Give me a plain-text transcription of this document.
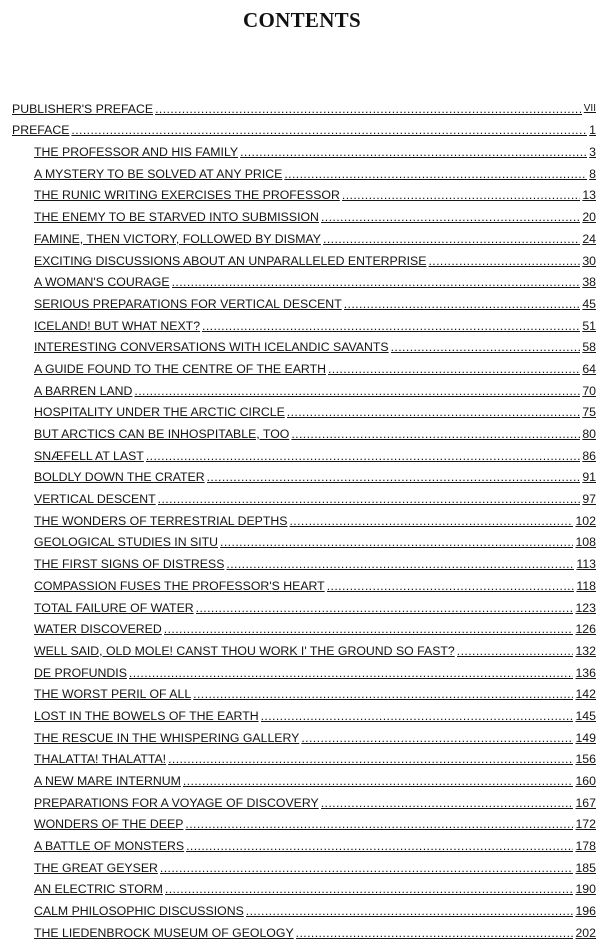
CONTENTS
PUBLISHER'S PREFACE .....	VII
PREFACE .....	1
THE PROFESSOR AND HIS FAMILY .....	3
A MYSTERY TO BE SOLVED AT ANY PRICE .....	8
THE RUNIC WRITING EXERCISES THE PROFESSOR .....	13
THE ENEMY TO BE STARVED INTO SUBMISSION .....	20
FAMINE, THEN VICTORY, FOLLOWED BY DISMAY .....	24
EXCITING DISCUSSIONS ABOUT AN UNPARALLELED ENTERPRISE .....	30
A WOMAN'S COURAGE .....	38
SERIOUS PREPARATIONS FOR VERTICAL DESCENT .....	45
ICELAND! BUT WHAT NEXT? .....	51
INTERESTING CONVERSATIONS WITH ICELANDIC SAVANTS .....	58
A GUIDE FOUND TO THE CENTRE OF THE EARTH .....	64
A BARREN LAND .....	70
HOSPITALITY UNDER THE ARCTIC CIRCLE .....	75
BUT ARCTICS CAN BE INHOSPITABLE, TOO .....	80
SNÆFELL AT LAST .....	86
BOLDLY DOWN THE CRATER .....	91
VERTICAL DESCENT .....	97
THE WONDERS OF TERRESTRIAL DEPTHS .....	102
GEOLOGICAL STUDIES IN SITU .....	108
THE FIRST SIGNS OF DISTRESS .....	113
COMPASSION FUSES THE PROFESSOR'S HEART .....	118
TOTAL FAILURE OF WATER .....	123
WATER DISCOVERED .....	126
WELL SAID, OLD MOLE! CANST THOU WORK I' THE GROUND SO FAST? .....	132
DE PROFUNDIS .....	136
THE WORST PERIL OF ALL .....	142
LOST IN THE BOWELS OF THE EARTH .....	145
THE RESCUE IN THE WHISPERING GALLERY .....	149
THALATTA! THALATTA! .....	156
A NEW MARE INTERNUM .....	160
PREPARATIONS FOR A VOYAGE OF DISCOVERY .....	167
WONDERS OF THE DEEP .....	172
A BATTLE OF MONSTERS .....	178
THE GREAT GEYSER .....	185
AN ELECTRIC STORM .....	190
CALM PHILOSOPHIC DISCUSSIONS .....	196
THE LIEDENBROCK MUSEUM OF GEOLOGY .....	202
